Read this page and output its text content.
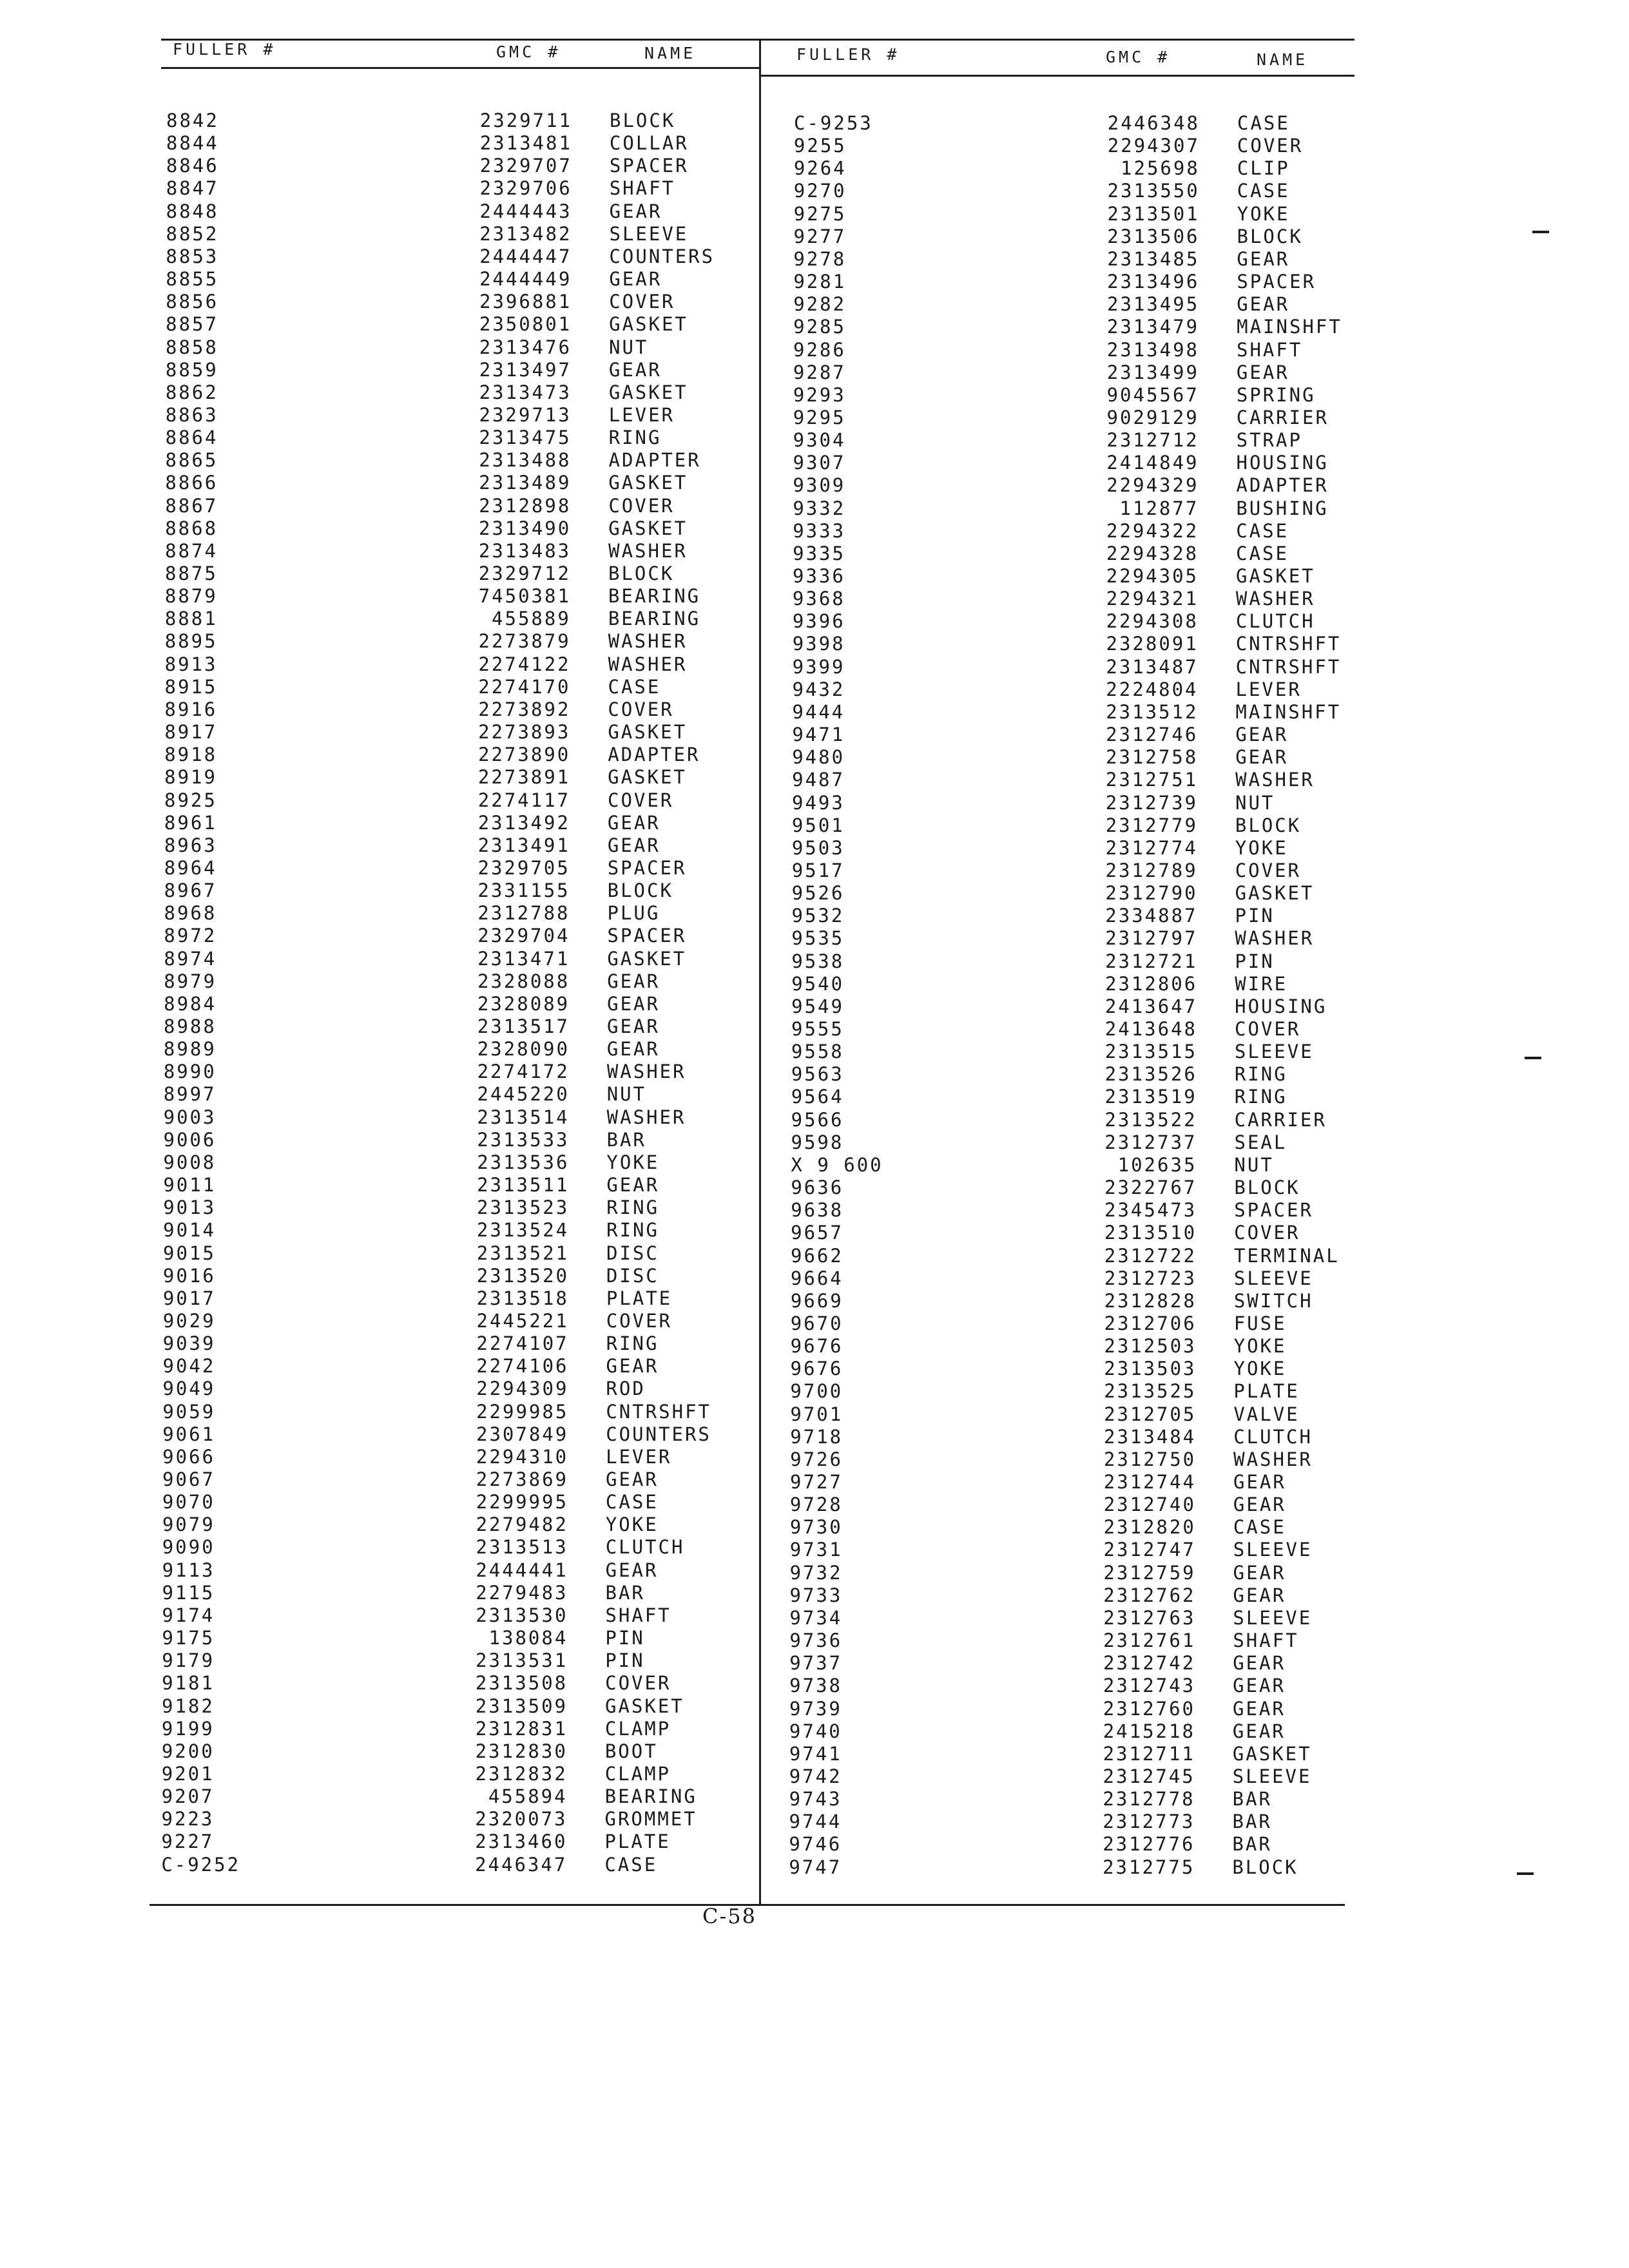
FULLER #	GMC #	NAME	FULLER #	GMC #	NAME
8842	2329711 BLOCK
8844	2313481 COLLAR
8846	2329707 SPACER
8847	2329706 SHAFT
8848	2444443 GEAR
8852	2313482 SLEEVE
8853	2444447 COUNTERS
8855	2444449 GEAR
8856	2396881 COVER
8857	2350801 GASKET
8858	2313476 NUT
8859	2313497 GEAR
8862	2313473 GASKET
8863	2329713 LEVER
8864	2313475 RING
8865	2313488 ADAPTER
8866	2313489 GASKET
8867	2312898 COVER
8868	2313490 GASKET
8874	2313483 WASHER
8875	2329712 BLOCK
8879	7450381 BEARING
8881	455889 BEARING
8895	2273879 WASHER
8913	2274122 WASHER
8915	2274170 CASE
8916	2273892 COVER
8917	2273893 GASKET
8918	2273890 ADAPTER
8919	2273891 GASKET
8925	2274117 COVER
8961	2313492 GEAR
8963	2313491 GEAR
8964	2329705 SPACER
8967	2331155 BLOCK
8968	2312788 PLUG
8972	2329704 SPACER
8974	2313471 GASKET
8979	2328088 GEAR
8984	2328089 GEAR
8988	2313517 GEAR
8989	2328090 GEAR
8990	2274172 WASHER
8997	2445220 NUT
9003	2313514 WASHER
9006	2313533 BAR
9008	2313536 YOKE
9011	2313511 GEAR
9013	2313523 RING
9014	2313524 RING
9015	2313521 DISC
9016	2313520 DISC
9017	2313518 PLATE
9029	2445221 COVER
9039	2274107 RING
9042	2274106 GEAR
9049	2294309 ROD
9059	2299985 CNTRSHFT
9061	2307849 COUNTERS
9066	2294310 LEVER
9067	2273869 GEAR
9070	2299995 CASE
9079	2279482 YOKE
9090	2313513 CLUTCH
9113	2444441 GEAR
9115	2279483 BAR
9174	2313530 SHAFT
9175	138084 PIN
9179	2313531 PIN
9181	2313508 COVER
9182	2313509 GASKET
9199	2312831 CLAMP
9200	2312830 BOOT
9201	2312832 CLAMP
9207	455894 BEARING
9223	2320073 GROMMET
9227	2313460 PLATE
C-9252	2446347 CASE
C-9253	2446348 CASE
9255	2294307 COVER
9264	125698 CLIP
9270	2313550 CASE
9275	2313501 YOKE
9277	2313506 BLOCK
9278	2313485 GEAR
9281	2313496 SPACER
9282	2313495 GEAR
9285	2313479 MAINSHFT
9286	2313498 SHAFT
9287	2313499 GEAR
9293	9045567 SPRING
9295	9029129 CARRIER
9304	2312712 STRAP
9307	2414849 HOUSING
9309	2294329 ADAPTER
9332	112877 BUSHING
9333	2294322 CASE
9335	2294328 CASE
9336	2294305 GASKET
9368	2294321 WASHER
9396	2294308 CLUTCH
9398	2328091 CNTRSHFT
9399	2313487 CNTRSHFT
9432	2224804 LEVER
9444	2313512 MAINSHFT
9471	2312746 GEAR
9480	2312758 GEAR
9487	2312751 WASHER
9493	2312739 NUT
9501	2312779 BLOCK
9503	2312774 YOKE
9517	2312789 COVER
9526	2312790 GASKET
9532	2334887 PIN
9535	2312797 WASHER
9538	2312721 PIN
9540	2312806 WIRE
9549	2413647 HOUSING
9555	2413648 COVER
9558	2313515 SLEEVE
9563	2313526 RING
9564	2313519 RING
9566	2313522 CARRIER
9598	2312737 SEAL
X 9 600	102635 NUT
9636	2322767 BLOCK
9638	2345473 SPACER
9657	2313510 COVER
9662	2312722 TERMINAL
9664	2312723 SLEEVE
9669	2312828 SWITCH
9670	2312706 FUSE
9676	2312503 YOKE
9676	2313503 YOKE
9700	2313525 PLATE
9701	2312705 VALVE
9718	2313484 CLUTCH
9726	2312750 WASHER
9727	2312744 GEAR
9728	2312740 GEAR
9730	2312820 CASE
9731	2312747 SLEEVE
9732	2312759 GEAR
9733	2312762 GEAR
9734	2312763 SLEEVE
9736	2312761 SHAFT
9737	2312742 GEAR
9738	2312743 GEAR
9739	2312760 GEAR
9740	2415218 GEAR
9741	2312711 GASKET
9742	2312745 SLEEVE
9743	2312778 BAR
9744	2312773 BAR
9746	2312776 BAR
9747	2312775 BLOCK
C-58
